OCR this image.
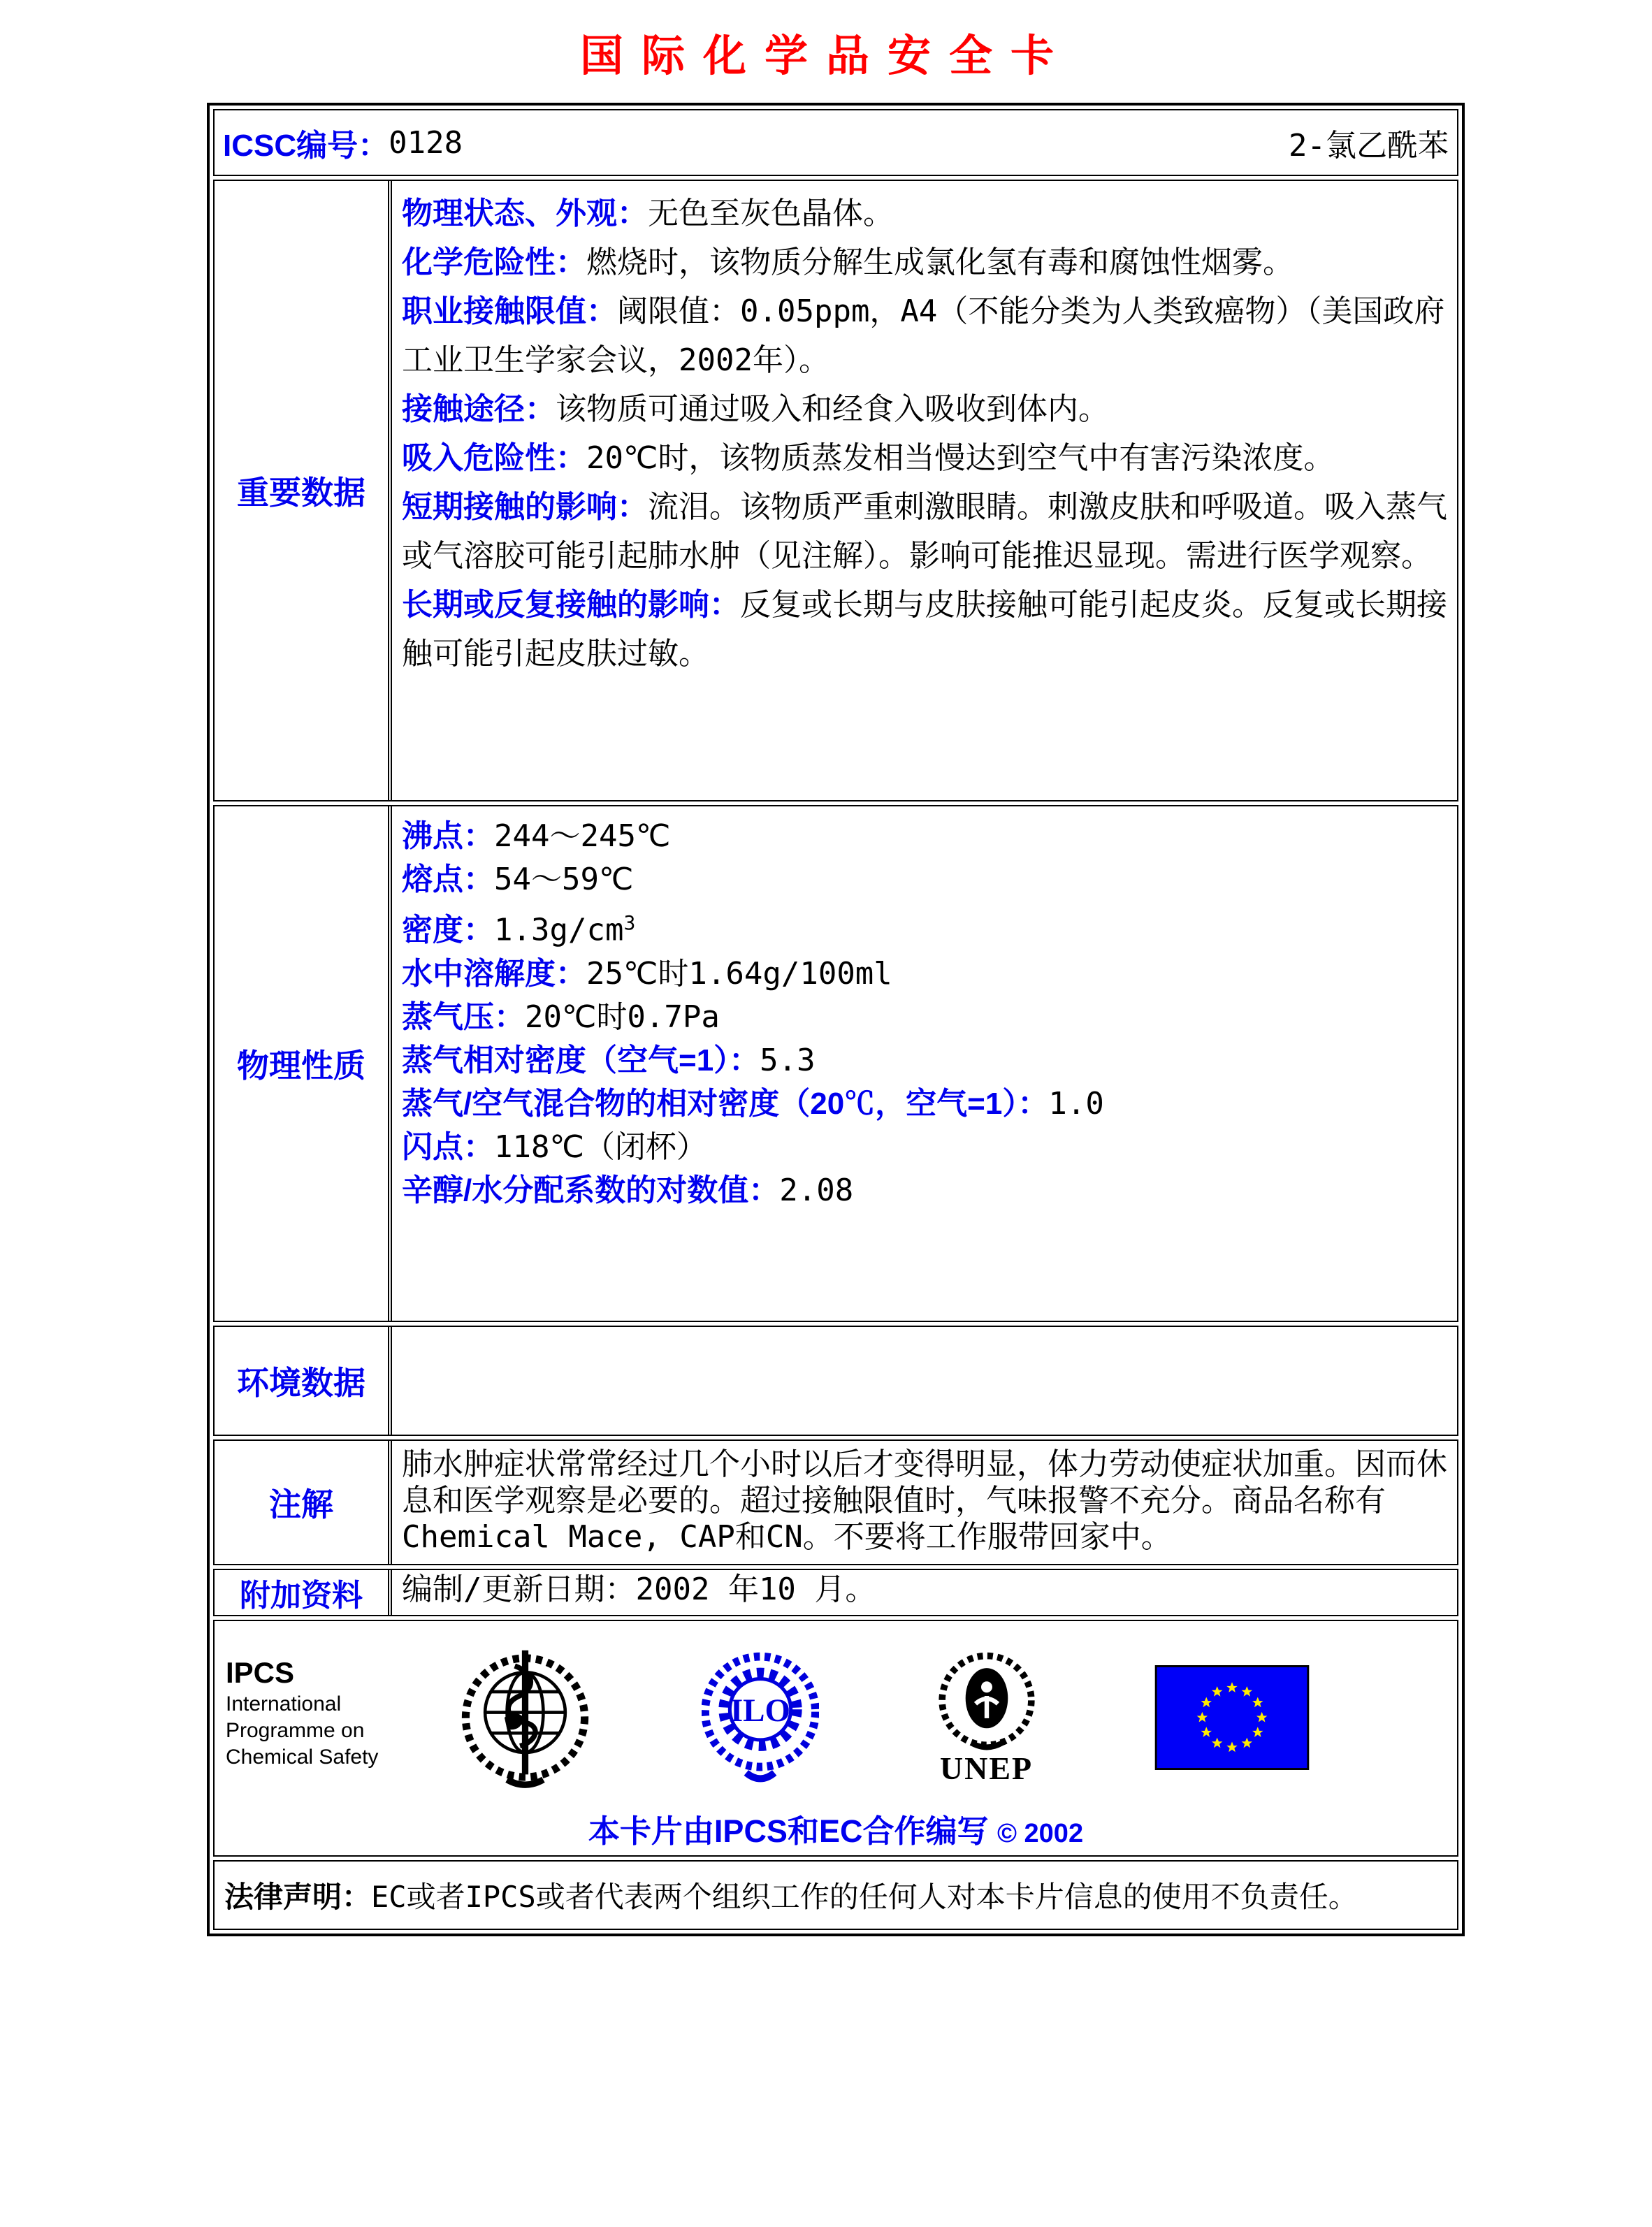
国际化学品安全卡
ICSC编号： 0128	2-氯乙酰苯
重要数据

物理状态、外观：无色至灰色晶体。

化学危险性：燃烧时，该物质分解生成氯化氢有毒和腐蚀性烟雾。

职业接触限值：阈限值：0.05ppm，A4（不能分类为人类致癌物）（美国政府工业卫生学家会议，2002年）。

接触途径：该物质可通过吸入和经食入吸收到体内。

吸入危险性：20℃时，该物质蒸发相当慢达到空气中有害污染浓度。

短期接触的影响：流泪。该物质严重刺激眼睛。刺激皮肤和呼吸道。吸入蒸气或气溶胶可能引起肺水肿（见注解）。影响可能推迟显现。需进行医学观察。

长期或反复接触的影响：反复或长期与皮肤接触可能引起皮炎。反复或长期接触可能引起皮肤过敏。

物理性质

沸点：244～245℃

熔点：54～59℃

密度：$1.3g/cm^3$

水中溶解度：25℃时1.64g/100ml

蒸气压：20℃时0.7Pa

蒸气相对密度（空气=1）：5.3

蒸气/空气混合物的相对密度（20℃，空气=1）：1.0

闪点：118℃（闭杯）

辛醇/水分配系数的对数值：2.08

环境数据
注解
肺水肿症状常常经过几个小时以后才变得明显，体力劳动使症状加重。因而休息和医学观察是必要的。超过接触限值时，气味报警不充分。商品名称有Chemical Mace, CAP和CN。不要将工作服带回家中。
附加资料	编制/更新日期：2002 年10 月。
IPCS
International
Programme on
Chemical Safety
ILO
UNEP
本卡片由IPCS和EC合作编写 © 2002
法律声明： EC或者IPCS或者代表两个组织工作的任何人对本卡片信息的使用不负责任。
